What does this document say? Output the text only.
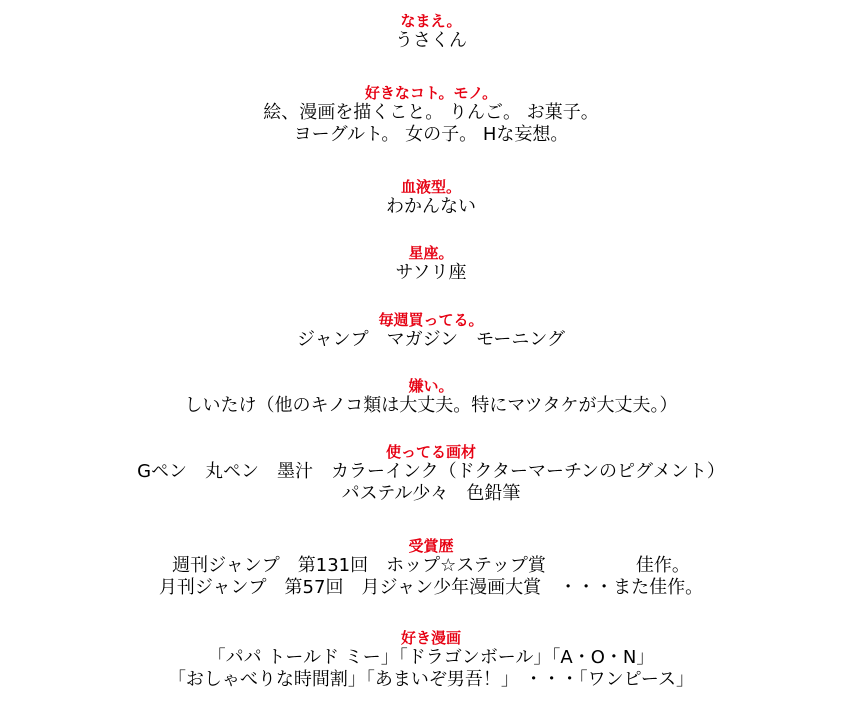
なまえ。
うさくん
好きなコト。モノ。
絵、漫画を描くこと。 りんご。 お菓子。
ヨーグルト。 女の子。 Hな妄想。
血液型。
わかんない
星座。
サソリ座
毎週買ってる。
ジャンプ　マガジン　モーニング
嫌い。
しいたけ（他のキノコ類は大丈夫。特にマツタケが大丈夫。）
使ってる画材
Gペン　丸ペン　墨汁　カラーインク（ドクターマーチンのピグメント）
パステル少々　色鉛筆
受賞歴
週刊ジャンプ　第131回　ホップ☆ステップ賞　　　　　佳作。
月刊ジャンプ　第57回　月ジャン少年漫画大賞　・・・また佳作。
好き漫画
「パパ トールド ミー」「ドラゴンボール」「A・O・N」
「おしゃべりな時間割」「あまいぞ男吾！」 ・・・「ワンピース」
